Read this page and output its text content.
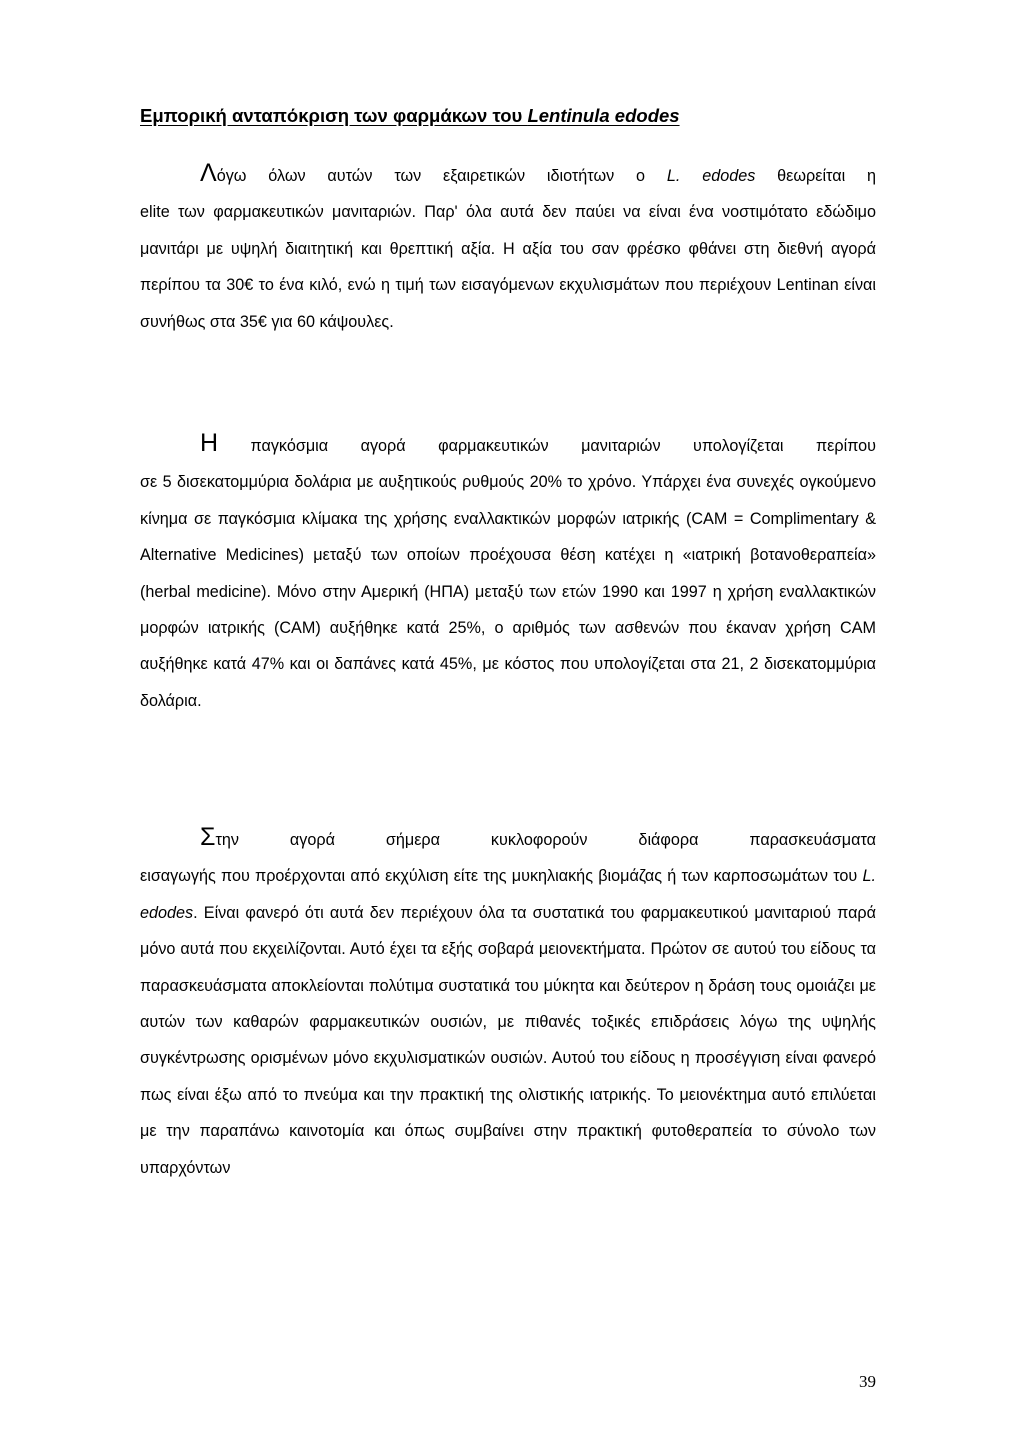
Εμπορική ανταπόκριση των φαρμάκων του Lentinula edodes

Λόγω όλων αυτών των εξαιρετικών ιδιοτήτων ο L. edodes θεωρείται η
elite των φαρμακευτικών μανιταριών. Παρ' όλα αυτά δεν παύει να είναι ένα νοστιμότατο εδώδιμο μανιτάρι με υψηλή διαιτητική και θρεπτική αξία. Η αξία του σαν φρέσκο φθάνει στη διεθνή αγορά περίπου τα 30€ το ένα κιλό, ενώ η τιμή των εισαγόμενων εκχυλισμάτων που περιέχουν Lentinan είναι συνήθως στα 35€ για 60 κάψουλες.

Η παγκόσμια αγορά φαρμακευτικών μανιταριών υπολογίζεται περίπου
σε 5 δισεκατομμύρια δολάρια με αυξητικούς ρυθμούς 20% το χρόνο. Υπάρχει ένα συνεχές ογκούμενο κίνημα σε παγκόσμια κλίμακα της χρήσης εναλλακτικών μορφών ιατρικής (CAM = Complimentary & Alternative Medicines) μεταξύ των οποίων προέχουσα θέση κατέχει η «ιατρική βοτανοθεραπεία» (herbal medicine). Μόνο στην Αμερική (ΗΠΑ) μεταξύ των ετών 1990 και 1997 η χρήση εναλλακτικών μορφών ιατρικής (CAM) αυξήθηκε κατά 25%, ο αριθμός των ασθενών που έκαναν χρήση CAM αυξήθηκε κατά 47% και οι δαπάνες κατά 45%, με κόστος που υπολογίζεται στα 21, 2 δισεκατομμύρια δολάρια.

Στην αγορά σήμερα κυκλοφορούν διάφορα παρασκευάσματα
εισαγωγής που προέρχονται από εκχύλιση είτε της μυκηλιακής βιομάζας ή των καρποσωμάτων του L. edodes. Είναι φανερό ότι αυτά δεν περιέχουν όλα τα συστατικά του φαρμακευτικού μανιταριού παρά μόνο αυτά που εκχειλίζονται. Αυτό έχει τα εξής σοβαρά μειονεκτήματα. Πρώτον σε αυτού του είδους τα παρασκευάσματα αποκλείονται πολύτιμα συστατικά του μύκητα και δεύτερον η δράση τους ομοιάζει με αυτών των καθαρών φαρμακευτικών ουσιών, με πιθανές τοξικές επιδράσεις λόγω της υψηλής συγκέντρωσης ορισμένων μόνο εκχυλισματικών ουσιών. Αυτού του είδους η προσέγγιση είναι φανερό πως είναι έξω από το πνεύμα και την πρακτική της ολιστικής ιατρικής. Το μειονέκτημα αυτό επιλύεται με την παραπάνω καινοτομία και όπως συμβαίνει στην πρακτική φυτοθεραπεία το σύνολο των υπαρχόντων

39
